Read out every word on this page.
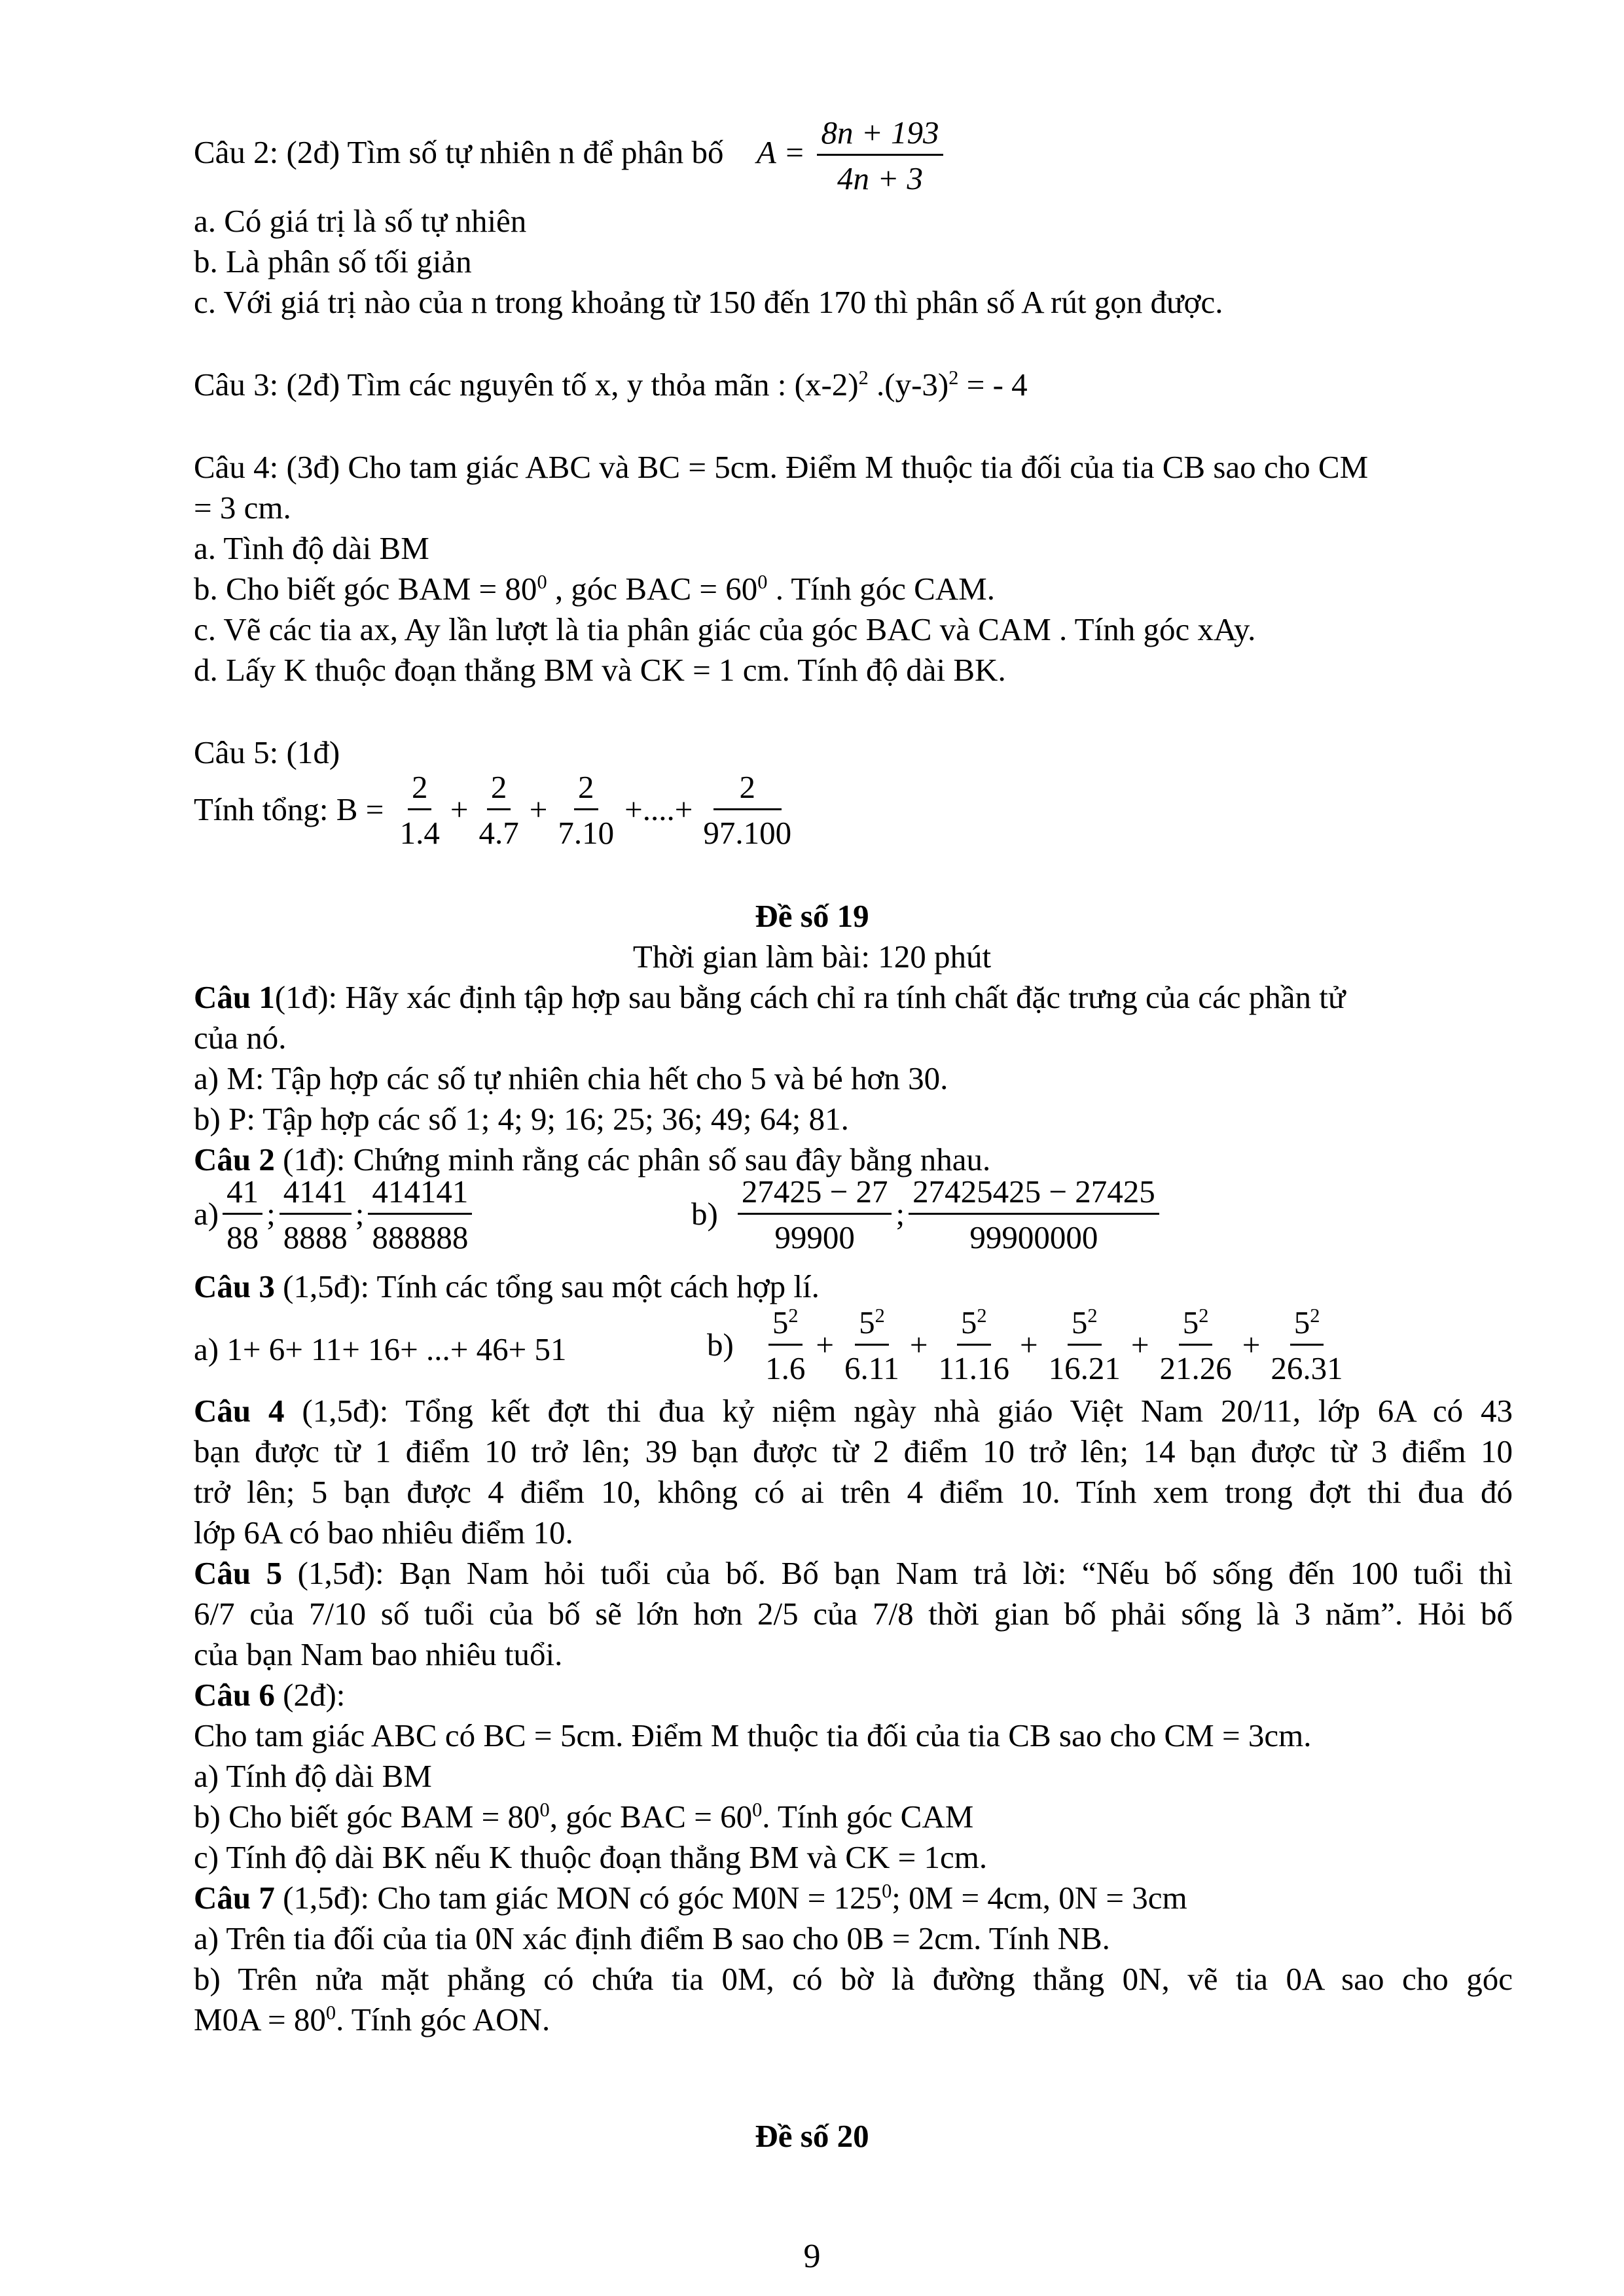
Câu 2: (2đ) Tìm số tự nhiên n để phân bố $A = \frac{8n + 193}{4n + 3}$
a. Có giá trị là số tự nhiên
b. Là phân số tối giản
c. Với giá trị nào của n trong khoảng từ 150 đến 170 thì phân số A rút gọn được.
Câu 3: (2đ) Tìm các nguyên tố x, y thỏa mãn : $(x-2)^2$ $.(y-3)^2$ = - 4
Câu 4: (3đ) Cho tam giác ABC và BC = 5cm. Điểm M thuộc tia đối của tia CB sao cho CM
= 3 cm.
a. Tình độ dài BM
b. Cho biết góc BAM = $80^0$ , góc BAC = $60^0$ . Tính góc CAM.
c. Vẽ các tia ax, Ay lần lượt là tia phân giác của góc BAC và CAM . Tính góc xAy.
d. Lấy K thuộc đoạn thẳng BM và CK = 1 cm. Tính độ dài BK.
Câu 5: (1đ)
Tính tổng: $B = \frac{2}{1.4} + \frac{2}{4.7} + \frac{2}{7.10}$ +....+ $\frac{2}{97.100}$
Đề số 19
Thời gian làm bài: 120 phút
Câu 1(1đ): Hãy xác định tập hợp sau bằng cách chỉ ra tính chất đặc trưng của các phần tử
của nó.
a) M: Tập hợp các số tự nhiên chia hết cho 5 và bé hơn 30.
b) P: Tập hợp các số 1; 4; 9; 16; 25; 36; 49; 64; 81.
Câu 2 (1đ): Chứng minh rằng các phân số sau đây bằng nhau.
$a) \frac{41}{88}$ ; $\frac{4141}{8888}$ ; $\frac{414141}{888888}$	$b) \frac{27425 - 27}{99900}$ ; $\frac{27425425 - 27425}{99900000}$
Câu 3 (1,5đ): Tính các tổng sau một cách hợp lí.
a) 1+ 6+ 11+ 16+ ...+ 46+ 51	$b) \frac{5^2}{1.6} + \frac{5^2}{6.11} + \frac{5^2}{11.16} + \frac{5^2}{16.21} + \frac{5^2}{21.26} + \frac{5^2}{26.31}$
Câu 4 (1,5đ): Tổng kết đợt thi đua kỷ niệm ngày nhà giáo Việt Nam 20/11, lớp 6A có 43
bạn được từ 1 điểm 10 trở lên; 39 bạn được từ 2 điểm 10 trở lên; 14 bạn được từ 3 điểm 10
trở lên; 5 bạn được 4 điểm 10, không có ai trên 4 điểm 10. Tính xem trong đợt thi đua đó
lớp 6A có bao nhiêu điểm 10.
Câu 5 (1,5đ): Bạn Nam hỏi tuổi của bố. Bố bạn Nam trả lời: “Nếu bố sống đến 100 tuổi thì
6/7 của 7/10 số tuổi của bố sẽ lớn hơn 2/5 của 7/8 thời gian bố phải sống là 3 năm”. Hỏi bố
của bạn Nam bao nhiêu tuổi.
Câu 6 (2đ):
Cho tam giác ABC có BC = 5cm. Điểm M thuộc tia đối của tia CB sao cho CM = 3cm.
a) Tính độ dài BM
b) Cho biết góc BAM = $80^0$, góc BAC = $60^0$. Tính góc CAM
c) Tính độ dài BK nếu K thuộc đoạn thẳng BM và CK = 1cm.
Câu 7 (1,5đ): Cho tam giác MON có góc $M0N = 125^0$; 0M = 4cm, 0N = 3cm
a) Trên tia đối của tia 0N xác định điểm B sao cho 0B = 2cm. Tính NB.
b) Trên nửa mặt phẳng có chứa tia 0M, có bờ là đường thẳng 0N, vẽ tia 0A sao cho góc
$M0A = 80^0$. Tính góc AON.
Đề số 20
9
